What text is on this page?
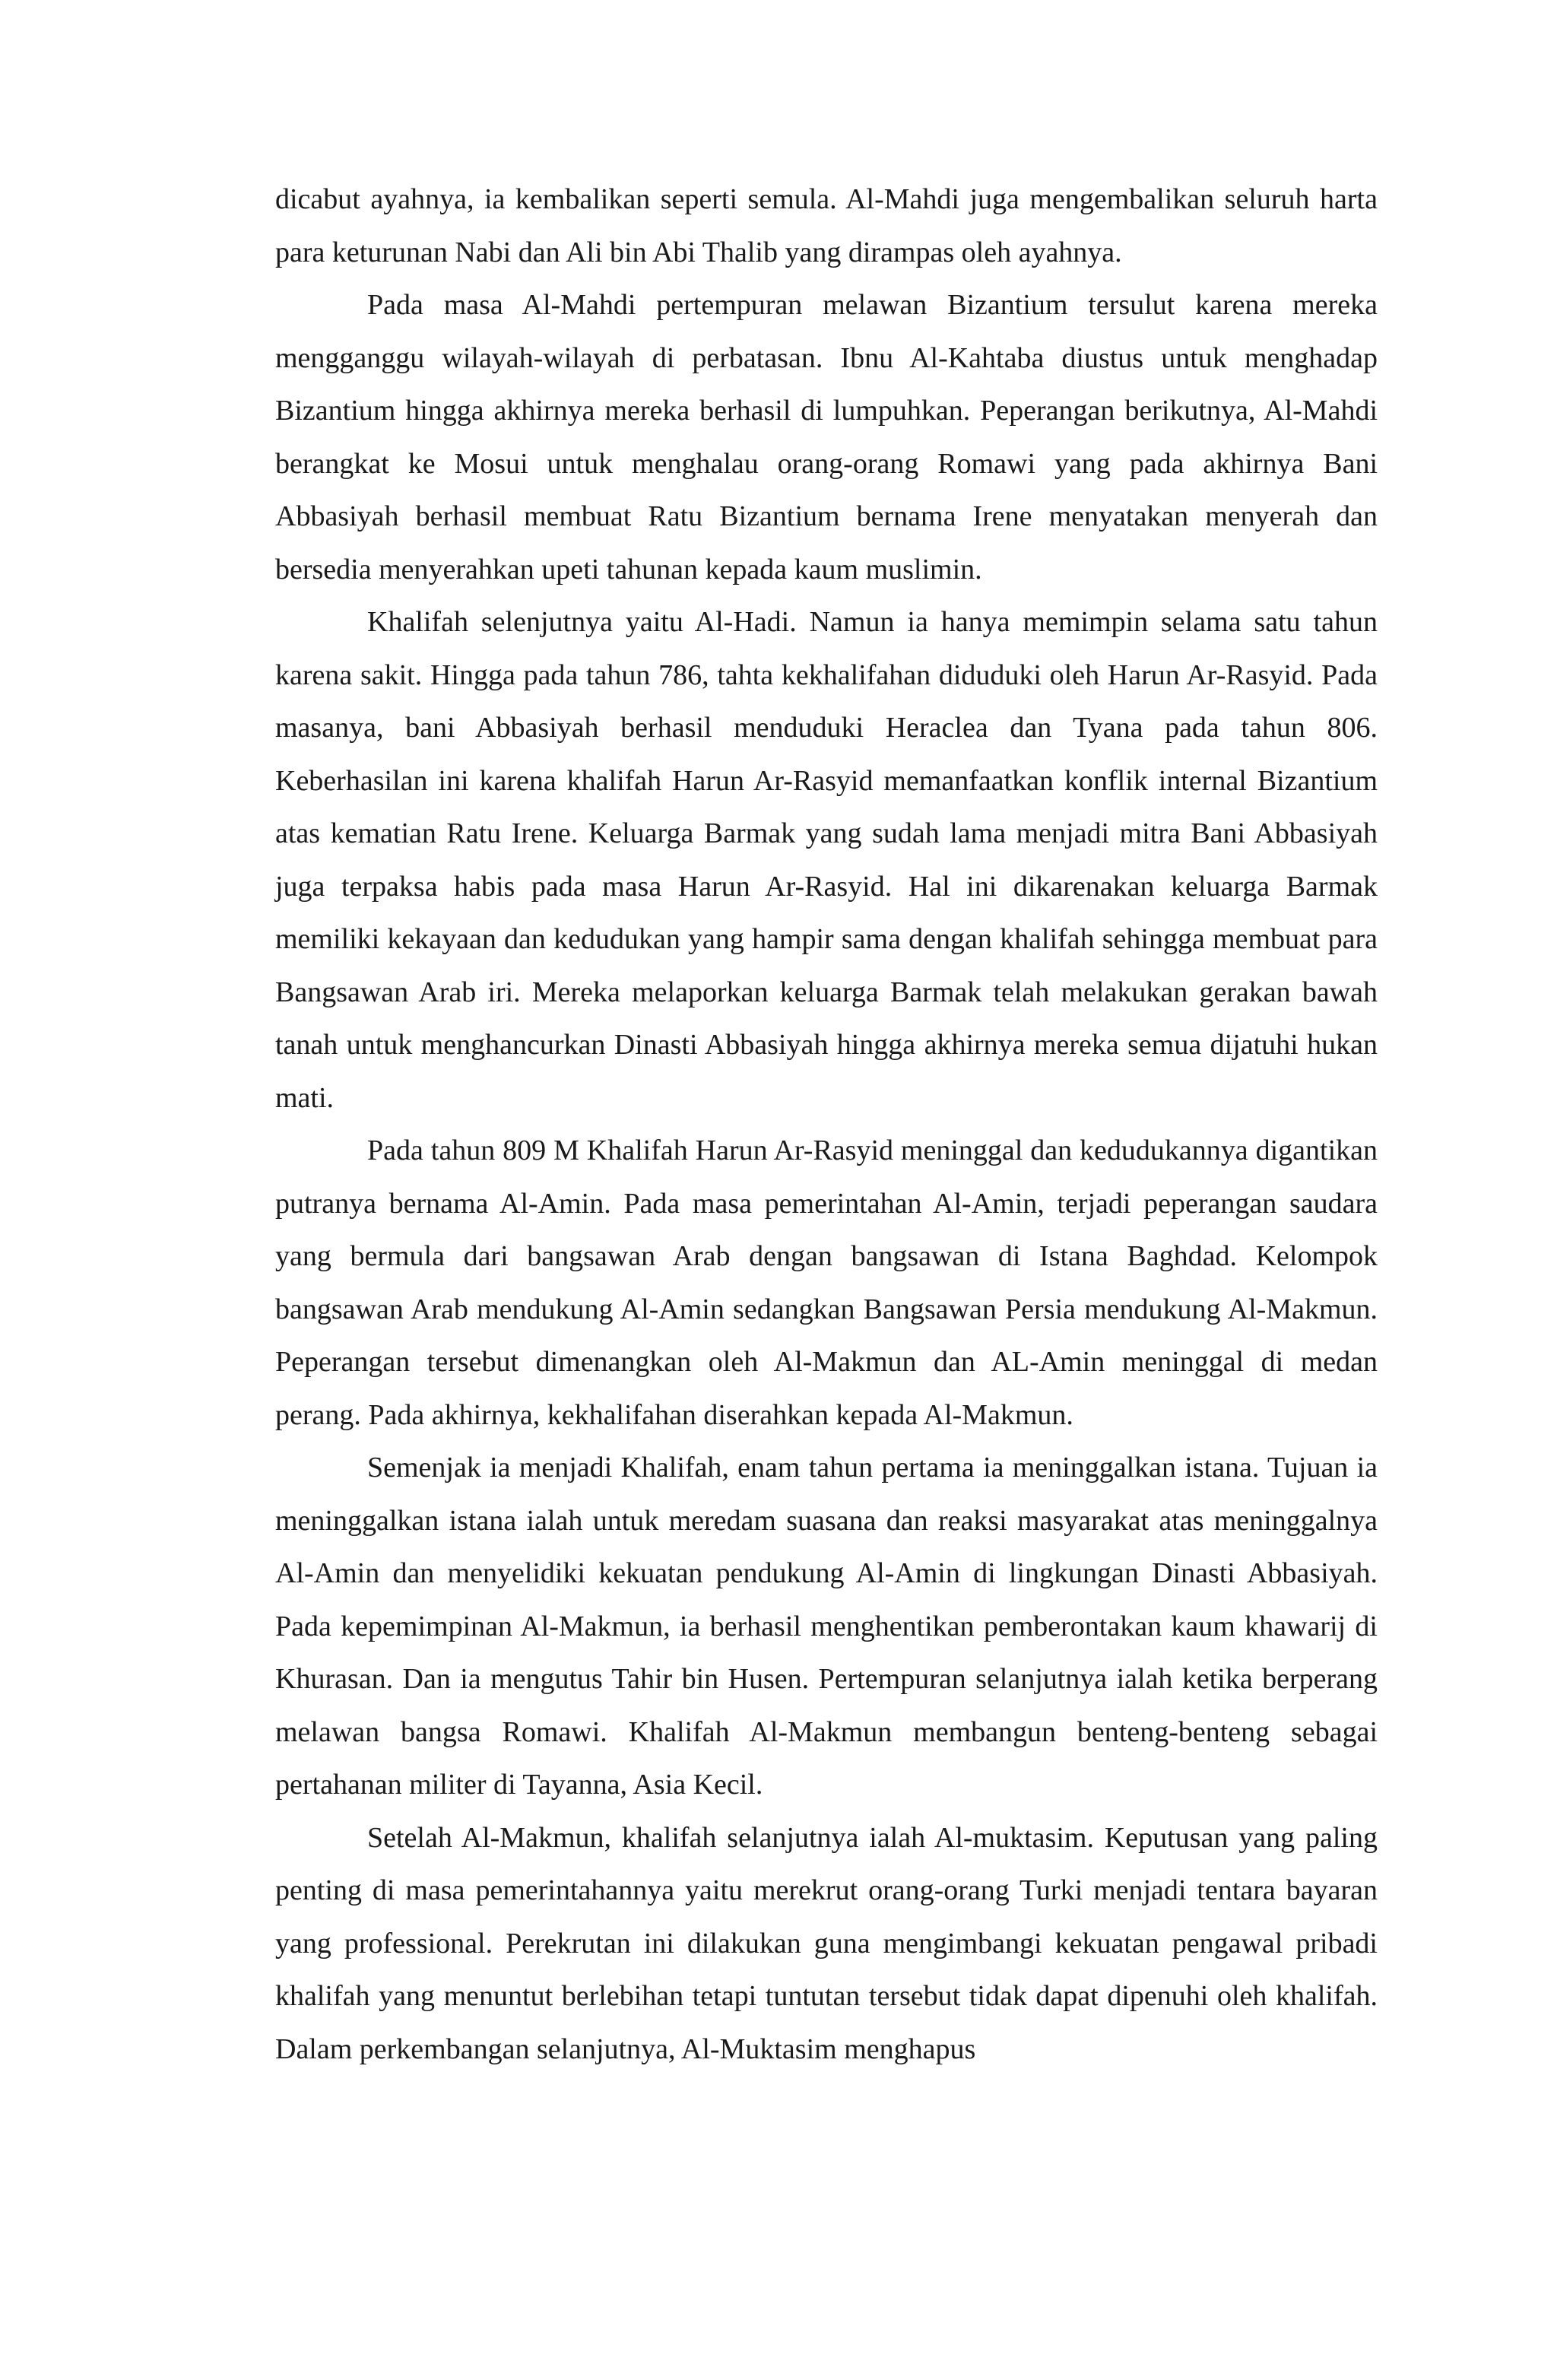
dicabut ayahnya, ia kembalikan seperti semula. Al-Mahdi juga mengembalikan seluruh harta para keturunan Nabi dan Ali bin Abi Thalib yang dirampas oleh ayahnya.

Pada masa Al-Mahdi pertempuran melawan Bizantium tersulut karena mereka mengganggu wilayah-wilayah di perbatasan. Ibnu Al-Kahtaba diustus untuk menghadap Bizantium hingga akhirnya mereka berhasil di lumpuhkan. Peperangan berikutnya, Al-Mahdi berangkat ke Mosui untuk menghalau orang-orang Romawi yang pada akhirnya Bani Abbasiyah berhasil membuat Ratu Bizantium bernama Irene menyatakan menyerah dan bersedia menyerahkan upeti tahunan kepada kaum muslimin.

Khalifah selenjutnya yaitu Al-Hadi. Namun ia hanya memimpin selama satu tahun karena sakit. Hingga pada tahun 786, tahta kekhalifahan diduduki oleh Harun Ar-Rasyid. Pada masanya, bani Abbasiyah berhasil menduduki Heraclea dan Tyana pada tahun 806. Keberhasilan ini karena khalifah Harun Ar-Rasyid memanfaatkan konflik internal Bizantium atas kematian Ratu Irene. Keluarga Barmak yang sudah lama menjadi mitra Bani Abbasiyah juga terpaksa habis pada masa Harun Ar-Rasyid. Hal ini dikarenakan keluarga Barmak memiliki kekayaan dan kedudukan yang hampir sama dengan khalifah sehingga membuat para Bangsawan Arab iri. Mereka melaporkan keluarga Barmak telah melakukan gerakan bawah tanah untuk menghancurkan Dinasti Abbasiyah hingga akhirnya mereka semua dijatuhi hukan mati.

Pada tahun 809 M Khalifah Harun Ar-Rasyid meninggal dan kedudukannya digantikan putranya bernama Al-Amin. Pada masa pemerintahan Al-Amin, terjadi peperangan saudara yang bermula dari bangsawan Arab dengan bangsawan di Istana Baghdad. Kelompok bangsawan Arab mendukung Al-Amin sedangkan Bangsawan Persia mendukung Al-Makmun. Peperangan tersebut dimenangkan oleh Al-Makmun dan AL-Amin meninggal di medan perang. Pada akhirnya, kekhalifahan diserahkan kepada Al-Makmun.

Semenjak ia menjadi Khalifah, enam tahun pertama ia meninggalkan istana. Tujuan ia meninggalkan istana ialah untuk meredam suasana dan reaksi masyarakat atas meninggalnya Al-Amin dan menyelidiki kekuatan pendukung Al-Amin di lingkungan Dinasti Abbasiyah. Pada kepemimpinan Al-Makmun, ia berhasil menghentikan pemberontakan kaum khawarij di Khurasan. Dan ia mengutus Tahir bin Husen. Pertempuran selanjutnya ialah ketika berperang melawan bangsa Romawi. Khalifah Al-Makmun membangun benteng-benteng sebagai pertahanan militer di Tayanna, Asia Kecil.

Setelah Al-Makmun, khalifah selanjutnya ialah Al-muktasim. Keputusan yang paling penting di masa pemerintahannya yaitu merekrut orang-orang Turki menjadi tentara bayaran yang professional. Perekrutan ini dilakukan guna mengimbangi kekuatan pengawal pribadi khalifah yang menuntut berlebihan tetapi tuntutan tersebut tidak dapat dipenuhi oleh khalifah. Dalam perkembangan selanjutnya, Al-Muktasim menghapus
